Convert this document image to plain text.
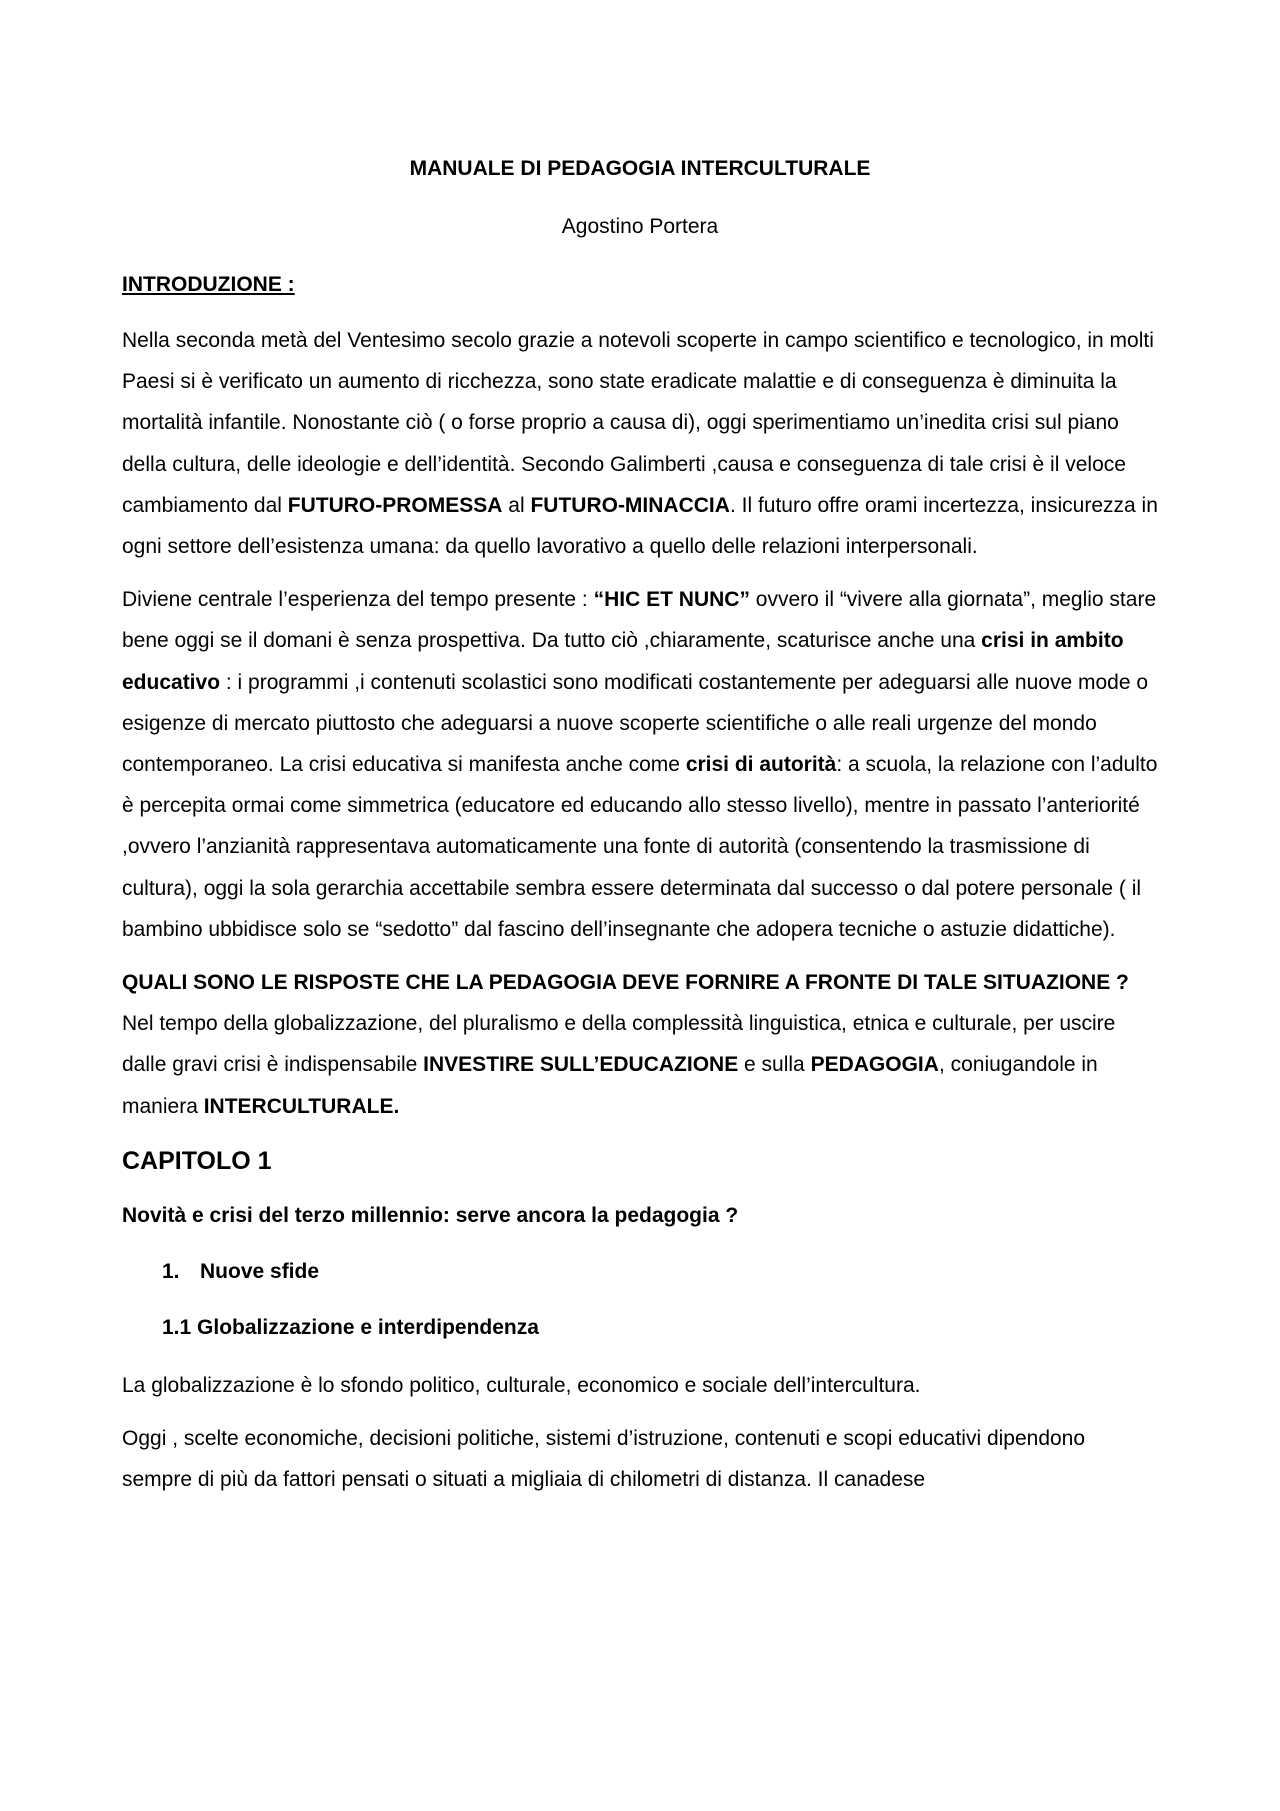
MANUALE DI PEDAGOGIA INTERCULTURALE
Agostino Portera
INTRODUZIONE :

Nella seconda metà del Ventesimo secolo grazie a notevoli scoperte in campo scientifico e tecnologico, in molti Paesi si è verificato un aumento di ricchezza, sono state eradicate malattie e di conseguenza è diminuita la mortalità infantile. Nonostante ciò ( o forse proprio a causa di), oggi sperimentiamo un’inedita crisi sul piano della cultura, delle ideologie e dell’identità. Secondo Galimberti ,causa e conseguenza di tale crisi è il veloce cambiamento dal FUTURO-PROMESSA al FUTURO-MINACCIA. Il futuro offre orami incertezza, insicurezza in ogni settore dell’esistenza umana: da quello lavorativo a quello delle relazioni interpersonali.

Diviene centrale l’esperienza del tempo presente : “HIC ET NUNC” ovvero il “vivere alla giornata”, meglio stare bene oggi se il domani è senza prospettiva. Da tutto ciò ,chiaramente, scaturisce anche una crisi in ambito educativo : i programmi ,i contenuti scolastici sono modificati costantemente per adeguarsi alle nuove mode o esigenze di mercato piuttosto che adeguarsi a nuove scoperte scientifiche o alle reali urgenze del mondo contemporaneo. La crisi educativa si manifesta anche come crisi di autorità: a scuola, la relazione con l’adulto è percepita ormai come simmetrica (educatore ed educando allo stesso livello), mentre in passato l’anteriorité ,ovvero l’anzianità rappresentava automaticamente una fonte di autorità (consentendo la trasmissione di cultura), oggi la sola gerarchia accettabile sembra essere determinata dal successo o dal potere personale ( il bambino ubbidisce solo se “sedotto” dal fascino dell’insegnante che adopera tecniche o astuzie didattiche).

QUALI SONO LE RISPOSTE CHE LA PEDAGOGIA DEVE FORNIRE A FRONTE DI TALE SITUAZIONE ? Nel tempo della globalizzazione, del pluralismo e della complessità linguistica, etnica e culturale, per uscire dalle gravi crisi è indispensabile INVESTIRE SULL’EDUCAZIONE e sulla PEDAGOGIA, coniugandole in maniera INTERCULTURALE.

CAPITOLO 1
Novità e crisi del terzo millennio: serve ancora la pedagogia ?
1. Nuove sfide
1.1 Globalizzazione e interdipendenza

La globalizzazione è lo sfondo politico, culturale, economico e sociale dell’intercultura.

Oggi , scelte economiche, decisioni politiche, sistemi d’istruzione, contenuti e scopi educativi dipendono sempre di più da fattori pensati o situati a migliaia di chilometri di distanza. Il canadese
